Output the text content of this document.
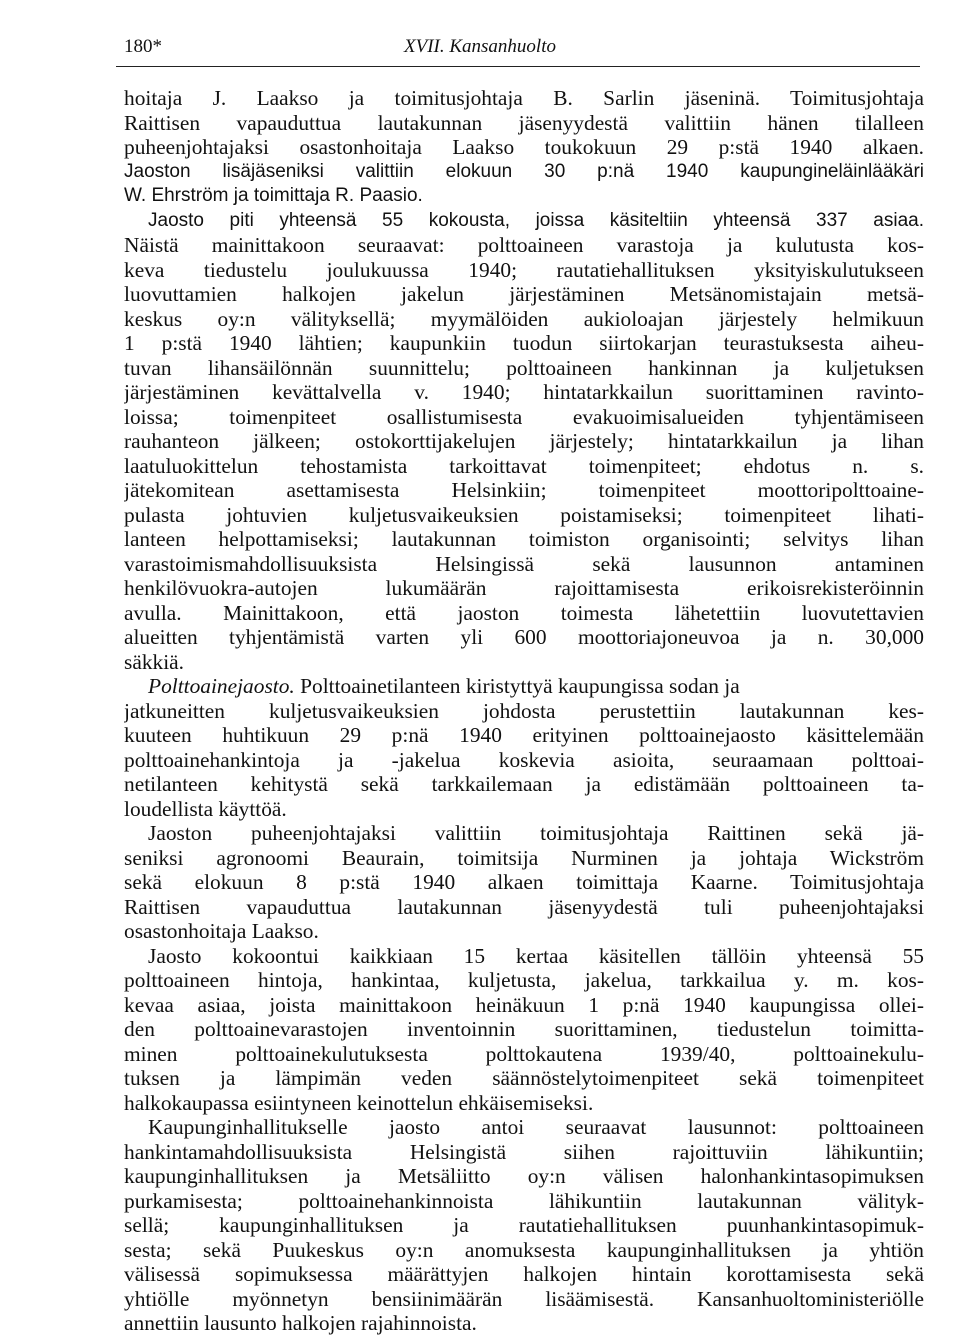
180*	XVII. Kansanhuolto
hoitaja J. Laakso ja toimitusjohtaja B. Sarlin jäseninä. Toimitusjohtaja
Raittisen vapauduttua lautakunnan jäsenyydestä valittiin hänen tilalleen
puheenjohtajaksi osastonhoitaja Laakso toukokuun 29 p:stä 1940 alkaen.
Jaoston lisäjäseniksi valittiin elokuun 30 p:nä 1940 kaupungineläinlääkäri
W. Ehrström ja toimittaja R. Paasio.
Jaosto piti yhteensä 55 kokousta, joissa käsiteltiin yhteensä 337 asiaa.
Näistä mainittakoon seuraavat: polttoaineen varastoja ja kulutusta kos-
keva tiedustelu joulukuussa 1940; rautatiehallituksen yksityiskulutukseen
luovuttamien halkojen jakelun järjestäminen Metsänomistajain metsä-
keskus oy:n välityksellä; myymälöiden aukioloajan järjestely helmikuun
1 p:stä 1940 lähtien; kaupunkiin tuodun siirtokarjan teurastuksesta aiheu-
tuvan lihansäilönnän suunnittelu; polttoaineen hankinnan ja kuljetuksen
järjestäminen kevättalvella v. 1940; hintatarkkailun suorittaminen ravinto-
loissa; toimenpiteet osallistumisesta evakuoimisalueiden tyhjentämiseen
rauhanteon jälkeen; ostokorttijakelujen järjestely; hintatarkkailun ja lihan
laatuluokittelun tehostamista tarkoittavat toimenpiteet; ehdotus n. s.
jätekomitean asettamisesta Helsinkiin; toimenpiteet moottoripolttoaine-
pulasta johtuvien kuljetusvaikeuksien poistamiseksi; toimenpiteet lihati-
lanteen helpottamiseksi; lautakunnan toimiston organisointi; selvitys lihan
varastoimismahdollisuuksista Helsingissä sekä lausunnon antaminen
henkilövuokra-autojen lukumäärän rajoittamisesta erikoisrekisteröinnin
avulla. Mainittakoon, että jaoston toimesta lähetettiin luovutettavien
alueitten tyhjentämistä varten yli 600 moottoriajoneuvoa ja n. 30,000
säkkiä.
Polttoainejaosto. Polttoainetilanteen kiristyttyä kaupungissa sodan ja
jatkuneitten kuljetusvaikeuksien johdosta perustettiin lautakunnan kes-
kuuteen huhtikuun 29 p:nä 1940 erityinen polttoainejaosto käsittelemään
polttoainehankintoja ja -jakelua koskevia asioita, seuraamaan polttoai-
netilanteen kehitystä sekä tarkkailemaan ja edistämään polttoaineen ta-
loudellista käyttöä.
Jaoston puheenjohtajaksi valittiin toimitusjohtaja Raittinen sekä jä-
seniksi agronoomi Beaurain, toimitsija Nurminen ja johtaja Wickström
sekä elokuun 8 p:stä 1940 alkaen toimittaja Kaarne. Toimitusjohtaja
Raittisen vapauduttua lautakunnan jäsenyydestä tuli puheenjohtajaksi
osastonhoitaja Laakso.
Jaosto kokoontui kaikkiaan 15 kertaa käsitellen tällöin yhteensä 55
polttoaineen hintoja, hankintaa, kuljetusta, jakelua, tarkkailua y. m. kos-
kevaa asiaa, joista mainittakoon heinäkuun 1 p:nä 1940 kaupungissa ollei-
den polttoainevarastojen inventoinnin suorittaminen, tiedustelun toimitta-
minen polttoainekulutuksesta polttokautena 1939/40, polttoainekulu-
tuksen ja lämpimän veden säännöstelytoimenpiteet sekä toimenpiteet
halkokaupassa esiintyneen keinottelun ehkäisemiseksi.
Kaupunginhallitukselle jaosto antoi seuraavat lausunnot: polttoaineen
hankintamahdollisuuksista Helsingistä siihen rajoittuviin lähikuntiin;
kaupunginhallituksen ja Metsäliitto oy:n välisen halonhankintasopimuksen
purkamisesta; polttoainehankinnoista lähikuntiin lautakunnan välityk-
sellä; kaupunginhallituksen ja rautatiehallituksen puunhankintasopimuk-
sesta; sekä Puukeskus oy:n anomuksesta kaupunginhallituksen ja yhtiön
välisessä sopimuksessa määrättyjen halkojen hintain korottamisesta sekä
yhtiölle myönnetyn bensiinimäärän lisäämisestä. Kansanhuoltoministeriölle
annettiin lausunto halkojen rajahinnoista.
